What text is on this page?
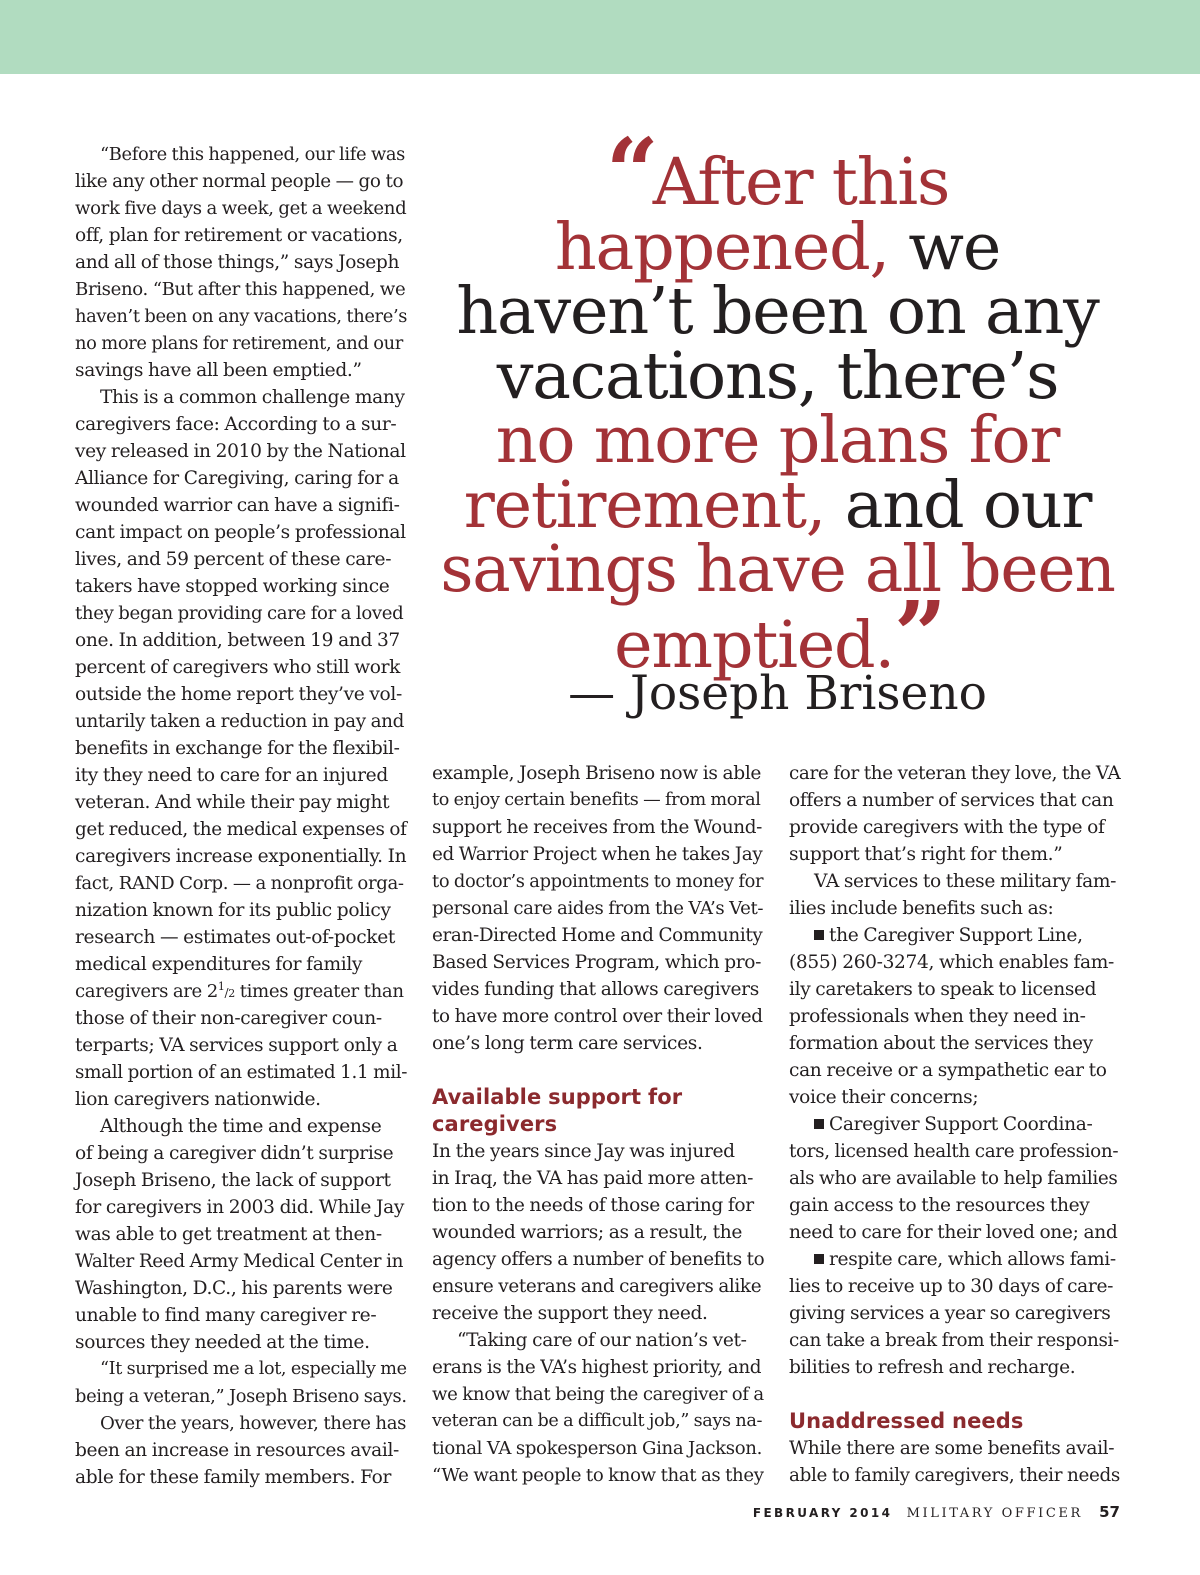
“Before this happened, our life was
like any other normal people — go to
work five days a week, get a weekend
off, plan for retirement or vacations,
and all of those things,” says Joseph
Briseno. “But after this happened, we
haven’t been on any vacations, there’s
no more plans for retirement, and our
savings have all been emptied.”
This is a common challenge many
caregivers face: According to a sur-
vey released in 2010 by the National
Alliance for Caregiving, caring for a
wounded warrior can have a signifi-
cant impact on people’s professional
lives, and 59 percent of these care-
takers have stopped working since
they began providing care for a loved
one. In addition, between 19 and 37
percent of caregivers who still work
outside the home report they’ve vol-
untarily taken a reduction in pay and
benefits in exchange for the flexibil-
ity they need to care for an injured
veteran. And while their pay might
get reduced, the medical expenses of
caregivers increase exponentially. In
fact, RAND Corp. — a nonprofit orga-
nization known for its public policy
research — estimates out-of-pocket
medical expenditures for family
caregivers are $2^1/2$ times greater than
those of their non-caregiver coun-
terparts; VA services support only a
small portion of an estimated 1.1 mil-
lion caregivers nationwide.
Although the time and expense
of being a caregiver didn’t surprise
Joseph Briseno, the lack of support
for caregivers in 2003 did. While Jay
was able to get treatment at then-
Walter Reed Army Medical Center in
Washington, D.C., his parents were
unable to find many caregiver re-
sources they needed at the time.
“It surprised me a lot, especially me
being a veteran,” Joseph Briseno says.
Over the years, however, there has
been an increase in resources avail-
able for these family members. For
“After this
happened, we
haven’t been on any
vacations, there’s
no more plans for
retirement, and our
savings have all been
emptied.”
— Joseph Briseno
example, Joseph Briseno now is able
to enjoy certain benefits — from moral
support he receives from the Wound-
ed Warrior Project when he takes Jay
to doctor’s appointments to money for
personal care aides from the VA’s Vet-
eran-Directed Home and Community
Based Services Program, which pro-
vides funding that allows caregivers
to have more control over their loved
one’s long term care services.
Available support for
caregivers
In the years since Jay was injured
in Iraq, the VA has paid more atten-
tion to the needs of those caring for
wounded warriors; as a result, the
agency offers a number of benefits to
ensure veterans and caregivers alike
receive the support they need.
“Taking care of our nation’s vet-
erans is the VA’s highest priority, and
we know that being the caregiver of a
veteran can be a difficult job,” says na-
tional VA spokesperson Gina Jackson.
“We want people to know that as they
care for the veteran they love, the VA
offers a number of services that can
provide caregivers with the type of
support that’s right for them.”
VA services to these military fam-
ilies include benefits such as:
the Caregiver Support Line,
(855) 260-3274, which enables fam-
ily caretakers to speak to licensed
professionals when they need in-
formation about the services they
can receive or a sympathetic ear to
voice their concerns;
Caregiver Support Coordina-
tors, licensed health care profession-
als who are available to help families
gain access to the resources they
need to care for their loved one; and
respite care, which allows fami-
lies to receive up to 30 days of care-
giving services a year so caregivers
can take a break from their responsi-
bilities to refresh and recharge.
Unaddressed needs
While there are some benefits avail-
able to family caregivers, their needs
FEBRUARY 2014 MILITARY OFFICER 57
